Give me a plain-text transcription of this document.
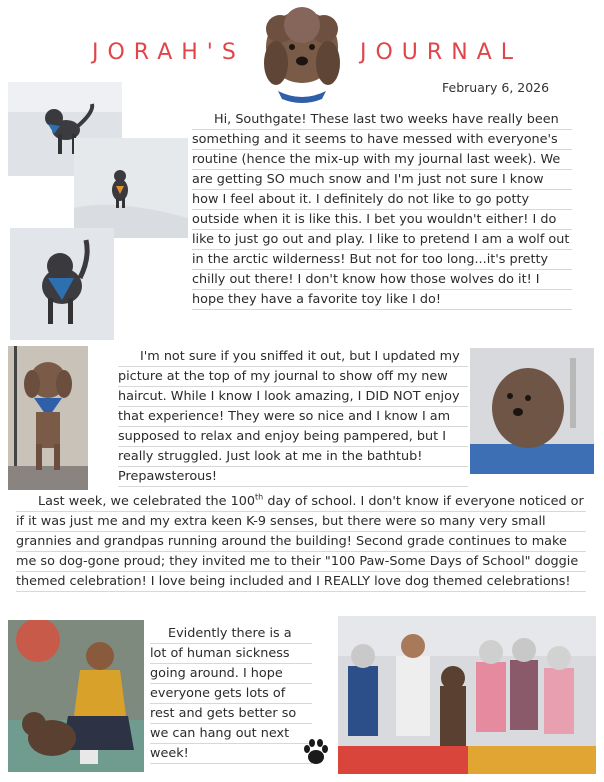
JORAH'S	JOURNAL
February 6, 2026

Hi, Southgate! These last two weeks have really been something and it seems to have messed with everyone's routine (hence the mix-up with my journal last week). We are getting SO much snow and I'm just not sure I know how I feel about it. I definitely do not like to go potty outside when it is like this. I bet you wouldn't either! I do like to just go out and play. I like to pretend I am a wolf out in the arctic wilderness! But not for too long...it's pretty chilly out there! I don't know how those wolves do it! I hope they have a favorite toy like I do!

I'm not sure if you sniffed it out, but I updated my picture at the top of my journal to show off my new haircut. While I know I look amazing, I DID NOT enjoy that experience! They were so nice and I know I am supposed to relax and enjoy being pampered, but I really struggled. Just look at me in the bathtub! Prepawsterous!

Last week, we celebrated the 100th day of school. I don't know if everyone noticed or if it was just me and my extra keen K-9 senses, but there were so many very small grannies and grandpas running around the building! Second grade continues to make me so dog-gone proud; they invited me to their "100 Paw-Some Days of School" doggie themed celebration! I love being included and I REALLY love dog themed celebrations!

Evidently there is a lot of human sickness going around. I hope everyone gets lots of rest and gets better so we can hang out next week!
